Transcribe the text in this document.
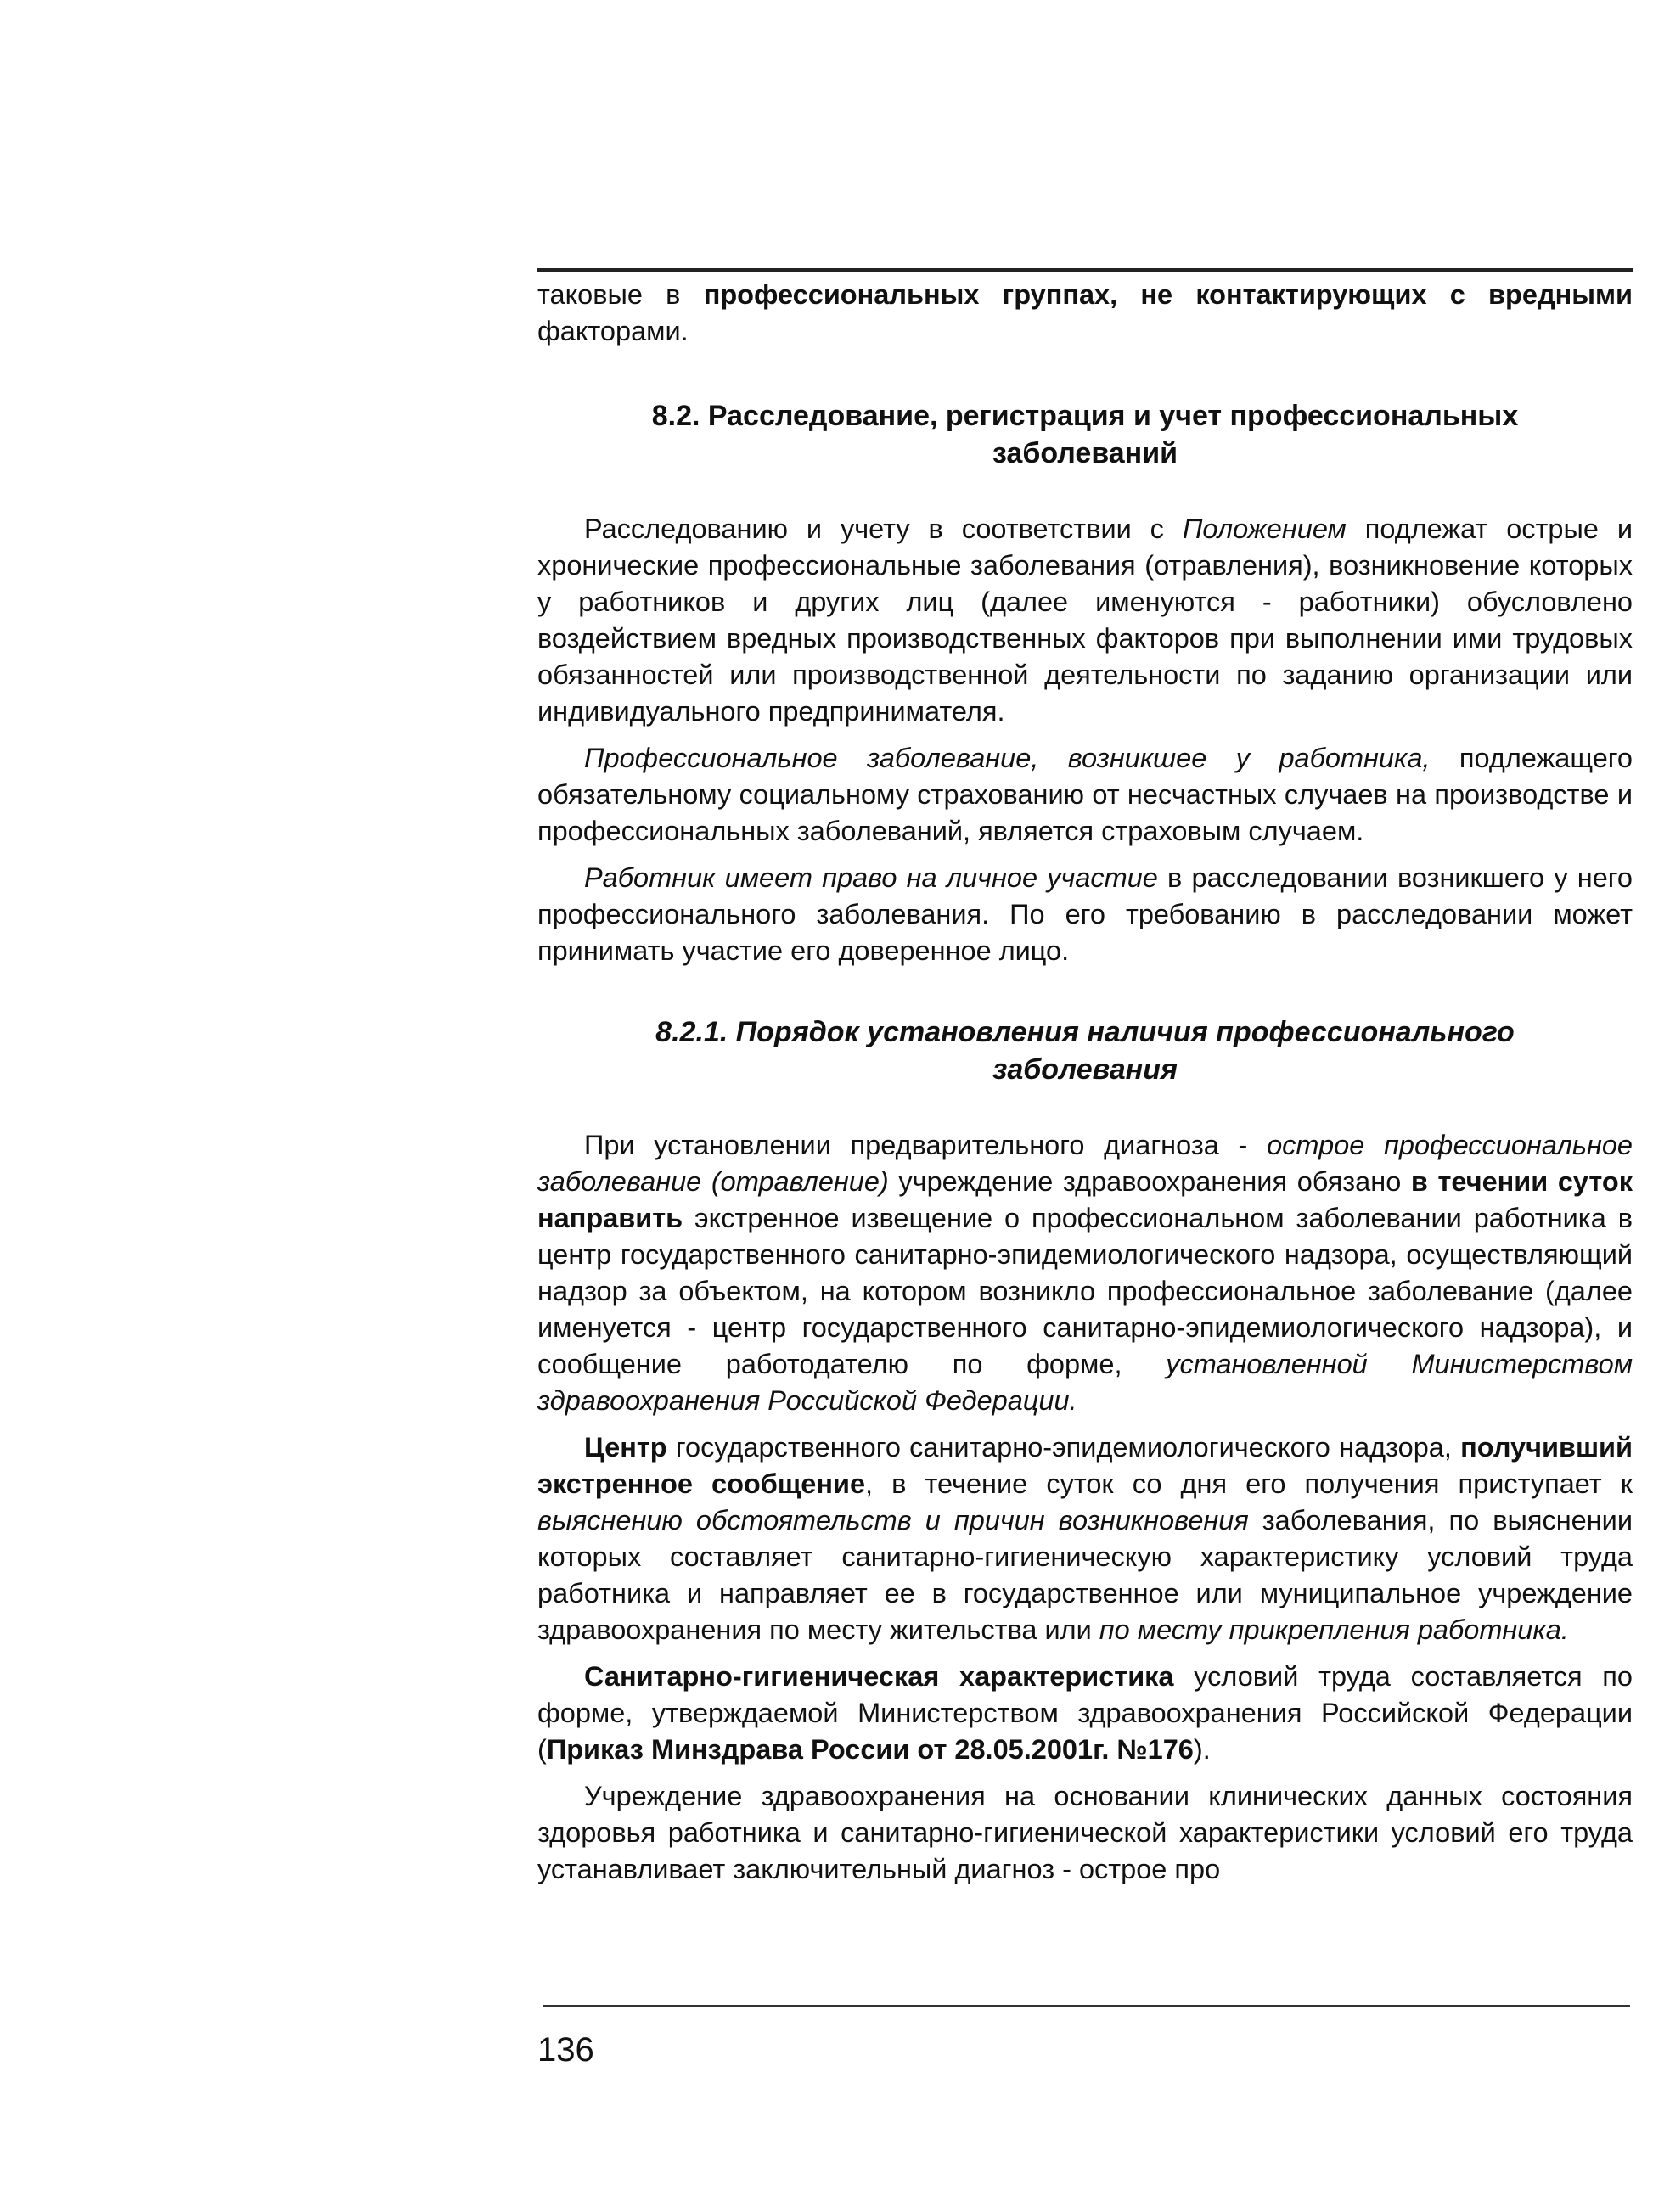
таковые в профессиональных группах, не контактирующих с вредными факторами.

8.2. Расследование, регистрация и учет профессиональных
заболеваний

Расследованию и учету в соответствии с Положением подлежат острые и хронические профессиональные заболевания (отравления), возникновение которых у работников и других лиц (далее именуются - работники) обусловлено воздействием вредных производственных факторов при выполнении ими трудовых обязанностей или производственной деятельности по заданию организации или индивидуального предпринимателя.

Профессиональное заболевание, возникшее у работника, подлежащего обязательному социальному страхованию от несчастных случаев на производстве и профессиональных заболеваний, является страховым случаем.

Работник имеет право на личное участие в расследовании возникшего у него профессионального заболевания. По его требованию в расследовании может принимать участие его доверенное лицо.

8.2.1. Порядок установления наличия профессионального
заболевания

При установлении предварительного диагноза - острое профессиональное заболевание (отравление) учреждение здравоохранения обязано в течении суток направить экстренное извещение о профессиональном заболевании работника в центр государственного санитарно-эпидемиологического надзора, осуществляющий надзор за объектом, на котором возникло профессиональное заболевание (далее именуется - центр государственного санитарно-эпидемиологического надзора), и сообщение работодателю по форме, установленной Министерством здравоохранения Российской Федерации.

Центр государственного санитарно-эпидемиологического надзора, получивший экстренное сообщение, в течение суток со дня его получения приступает к выяснению обстоятельств и причин возникновения заболевания, по выяснении которых составляет санитарно-гигиеническую характеристику условий труда работника и направляет ее в государственное или муниципальное учреждение здравоохранения по месту жительства или по месту прикрепления работника.

Санитарно-гигиеническая характеристика условий труда составляется по форме, утверждаемой Министерством здравоохранения Российской Федерации (Приказ Минздрава России от 28.05.2001г. №176).

Учреждение здравоохранения на основании клинических данных состояния здоровья работника и санитарно-гигиенической характеристики условий его труда устанавливает заключительный диагноз - острое про

136
